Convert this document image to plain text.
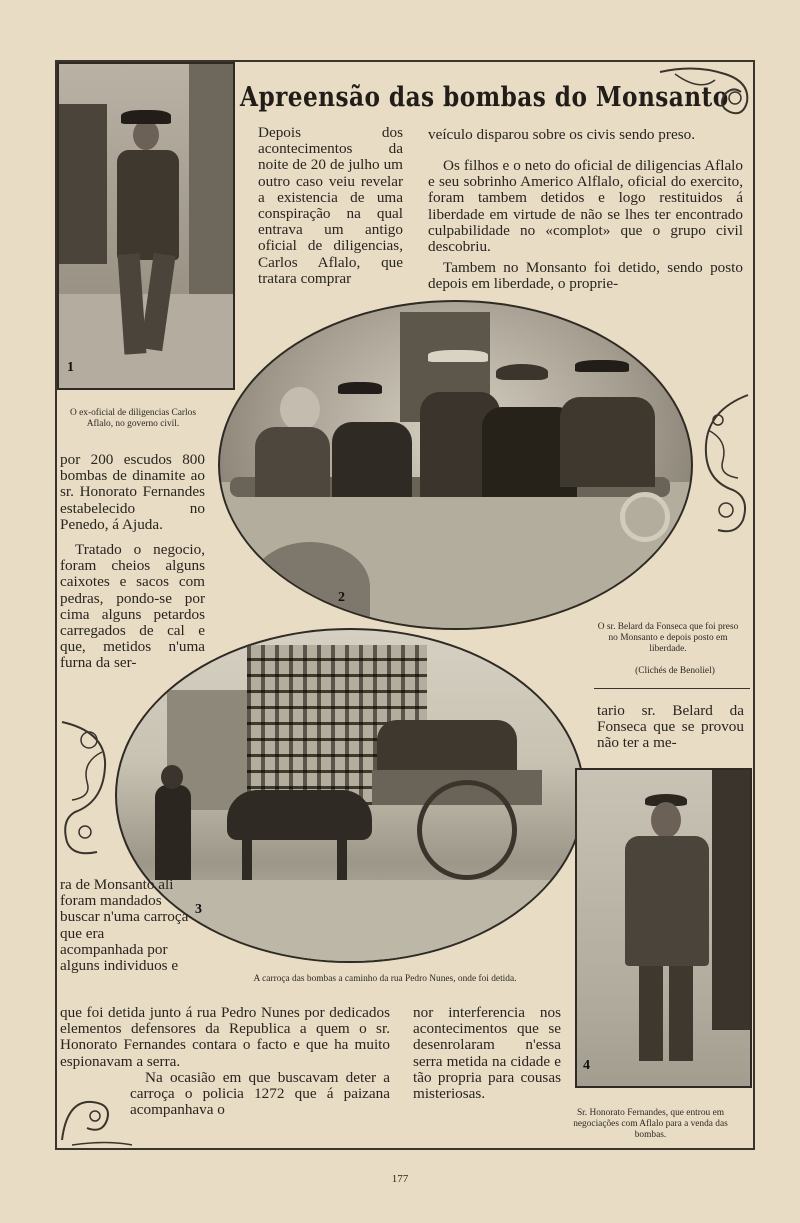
Apreensão das bombas do Monsanto
1
O ex-oficial de diligencias Carlos Aflalo, no governo civil.
Depois dos acontecimentos da noite de 20 de julho um outro caso veiu revelar a existencia de uma conspiração na qual entrava um antigo oficial de diligencias, Carlos Aflalo, que tratara comprar
veículo disparou sobre os civis sendo preso.
Os filhos e o neto do oficial de diligencias Aflalo e seu sobrinho Americo Alflalo, oficial do exercito, foram tambem detidos e logo restituidos á liberdade em virtude de não se lhes ter encontrado culpabilidade no «complot» que o grupo civil descobriu.
Tambem no Monsanto foi detido, sendo posto depois em liberdade, o proprie-
2
por 200 escudos 800 bombas de dinamite ao sr. Honorato Fernandes estabelecido no Penedo, á Ajuda.
Tratado o negocio, foram cheios alguns caixotes e sacos com pedras, pondo-se por cima alguns petardos carregados de cal e que, metidos n'uma furna da ser-
O sr. Belard da Fonseca que foi preso no Monsanto e depois posto em liberdade.
(Clichés de Benoliel)
tario sr. Belard da Fonseca que se provou não ter a me-
3
A carroça das bombas a caminho da rua Pedro Nunes, onde foi detida.
ra de Monsanto ali foram mandados buscar n'uma carroça que era acompanhada por alguns individuos e
4
que foi detida junto á rua Pedro Nunes por dedicados elementos defensores da Republica a quem o sr. Honorato Fernandes contara o facto e que ha muito espionavam a serra.
Na ocasião em que buscavam deter a carroça o policia 1272 que á paizana acompanhava o
nor interferencia nos acontecimentos que se desenrolaram n'essa serra metida na cidade e tão propria para cousas misteriosas.
Sr. Honorato Fernandes, que entrou em negociações com Aflalo para a venda das bombas.
177
